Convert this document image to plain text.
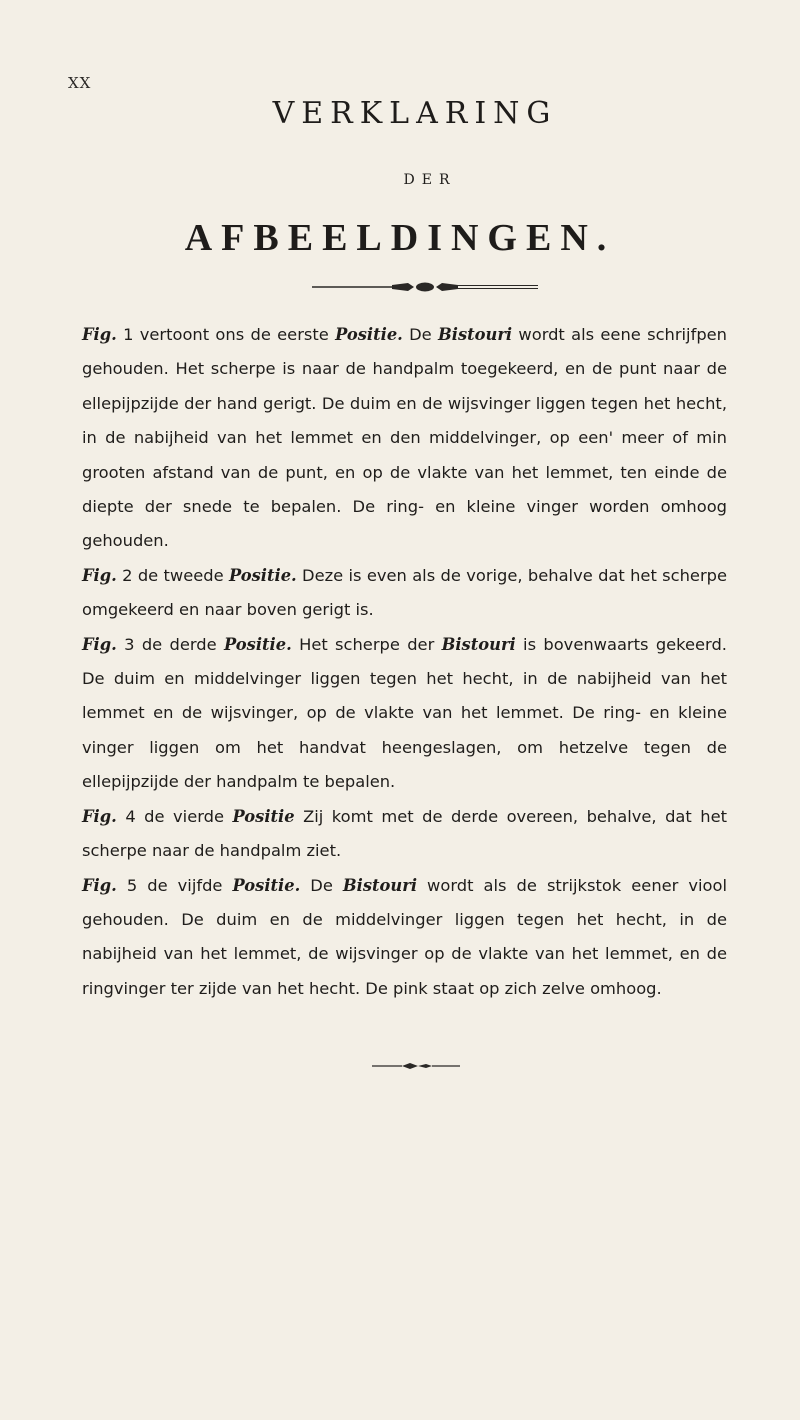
XX
VERKLARING
DER
AFBEELDINGEN.

Fig. 1 vertoont ons de eerste Positie. De Bistouri wordt als eene schrijfpen gehouden. Het scherpe is naar de handpalm toegekeerd, en de punt naar de ellepijpzijde der hand gerigt. De duim en de wijsvinger liggen tegen het hecht, in de nabijheid van het lemmet en den middelvinger, op een' meer of min grooten afstand van de punt, en op de vlakte van het lemmet, ten einde de diepte der snede te bepalen. De ring- en kleine vinger worden omhoog gehouden.

Fig. 2 de tweede Positie. Deze is even als de vorige, behalve dat het scherpe omgekeerd en naar boven gerigt is.

Fig. 3 de derde Positie. Het scherpe der Bistouri is bovenwaarts gekeerd. De duim en middelvinger liggen tegen het hecht, in de nabijheid van het lemmet en de wijsvinger, op de vlakte van het lemmet. De ring- en kleine vinger liggen om het handvat heengeslagen, om hetzelve tegen de ellepijpzijde der handpalm te bepalen.

Fig. 4 de vierde Positie Zij komt met de derde overeen, behalve, dat het scherpe naar de handpalm ziet.

Fig. 5 de vijfde Positie. De Bistouri wordt als de strijkstok eener viool gehouden. De duim en de middelvinger liggen tegen het hecht, in de nabijheid van het lemmet, de wijsvinger op de vlakte van het lemmet, en de ringvinger ter zijde van het hecht. De pink staat op zich zelve omhoog.
